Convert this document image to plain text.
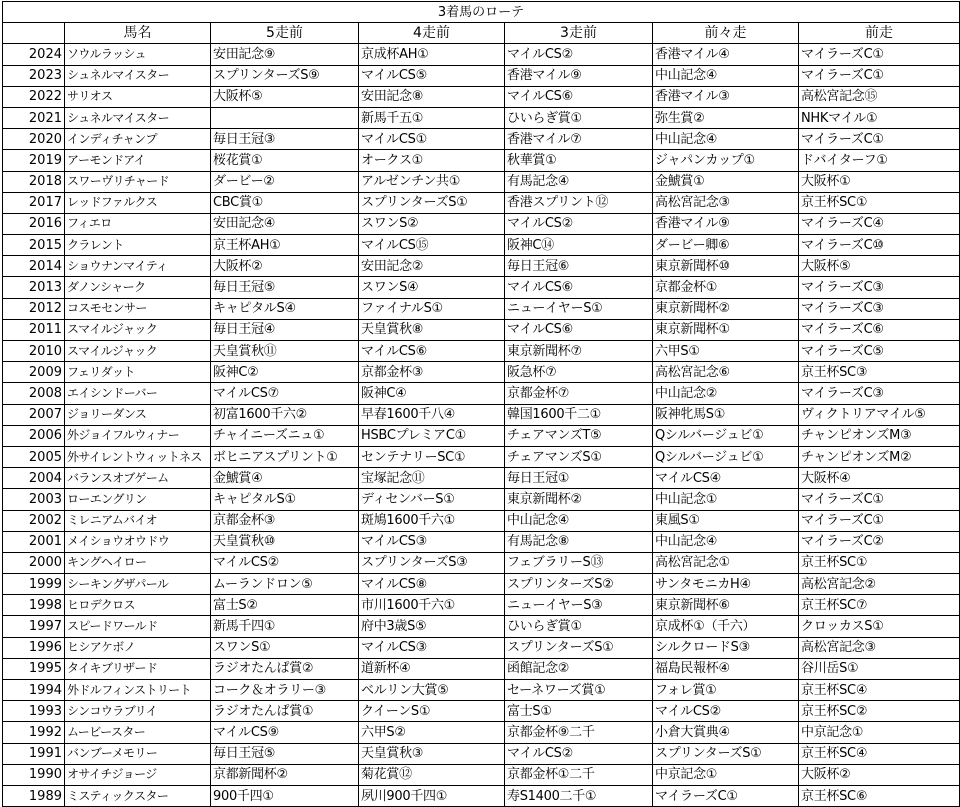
3着馬のローテ						
	馬名	5走前	4走前	3走前	前々走	前走
2024	ソウルラッシュ	安田記念⑨	京成杯AH①	マイルCS②	香港マイル④	マイラーズC①
2023	シュネルマイスター	スプリンターズS⑨	マイルCS⑤	香港マイル⑨	中山記念④	マイラーズC①
2022	サリオス	大阪杯⑤	安田記念⑧	マイルCS⑥	香港マイル③	高松宮記念⑮
2021	シュネルマイスター		新馬千五①	ひいらぎ賞①	弥生賞②	NHKマイル①
2020	インディチャンプ	毎日王冠③	マイルCS①	香港マイル⑦	中山記念④	マイラーズC①
2019	アーモンドアイ	桜花賞①	オークス①	秋華賞①	ジャパンカップ①	ドバイターフ①
2018	スワーヴリチャード	ダービー②	アルゼンチン共①	有馬記念④	金鯱賞①	大阪杯①
2017	レッドファルクス	CBC賞①	スプリンターズS①	香港スプリント⑫	高松宮記念③	京王杯SC①
2016	フィエロ	安田記念④	スワンS②	マイルCS②	香港マイル⑨	マイラーズC④
2015	クラレント	京王杯AH①	マイルCS⑮	阪神C⑭	ダービー卿⑥	マイラーズC⑩
2014	ショウナンマイティ	大阪杯②	安田記念②	毎日王冠⑥	東京新聞杯⑩	大阪杯⑤
2013	ダノンシャーク	毎日王冠⑤	スワンS④	マイルCS⑥	京都金杯①	マイラーズC③
2012	コスモセンサー	キャピタルS④	ファイナルS①	ニューイヤーS①	東京新聞杯②	マイラーズC③
2011	スマイルジャック	毎日王冠④	天皇賞秋⑧	マイルCS⑥	東京新聞杯①	マイラーズC⑥
2010	スマイルジャック	天皇賞秋⑪	マイルCS⑥	東京新聞杯⑦	六甲S①	マイラーズC⑤
2009	フェリダット	阪神C②	京都金杯③	阪急杯⑦	高松宮記念⑥	京王杯SC③
2008	エイシンドーバー	マイルCS⑦	阪神C④	京都金杯⑦	中山記念②	マイラーズC③
2007	ジョリーダンス	初富1600千六②	早春1600千八④	韓国1600千二①	阪神牝馬S①	ヴィクトリアマイル⑤
2006	外ジョイフルウィナー	チャイニーズニュ①	HSBCプレミアC①	チェアマンズT⑤	Qシルバージュビ①	チャンピオンズM③
2005	外サイレントウィットネス	ボヒニアスプリント①	センテナリーSC①	チェアマンズS①	Qシルバージュビ①	チャンピオンズM②
2004	バランスオブゲーム	金鯱賞④	宝塚記念⑪	毎日王冠①	マイルCS④	大阪杯④
2003	ローエングリン	キャピタルS①	ディセンバーS①	東京新聞杯②	中山記念①	マイラーズC①
2002	ミレニアムバイオ	京都金杯③	斑鳩1600千六①	中山記念④	東風S①	マイラーズC①
2001	メイショウオウドウ	天皇賞秋⑩	マイルCS③	有馬記念⑧	中山記念④	マイラーズC②
2000	キングヘイロー	マイルCS②	スプリンターズS③	フェブラリーS⑬	高松宮記念①	京王杯SC①
1999	シーキングザパール	ムーランドロン⑤	マイルCS⑧	スプリンターズS②	サンタモニカH④	高松宮記念②
1998	ヒロデクロス	富士S②	市川1600千六①	ニューイヤーS③	東京新聞杯⑥	京王杯SC⑦
1997	スピードワールド	新馬千四①	府中3歳S⑤	ひいらぎ賞①	京成杯①（千六）	クロッカスS①
1996	ヒシアケボノ	スワンS①	マイルCS③	スプリンターズS①	シルクロードS③	高松宮記念③
1995	タイキブリザード	ラジオたんぱ賞②	道新杯④	函館記念②	福島民報杯④	谷川岳S①
1994	外ドルフィンストリート	コーク＆オラリー③	ベルリン大賞⑤	セーネワーズ賞①	フォレ賞①	京王杯SC④
1993	シンコウラブリイ	ラジオたんぱ賞①	クイーンS①	富士S①	マイルCS②	京王杯SC②
1992	ムービースター	マイルCS⑨	六甲S②	京都金杯⑨二千	小倉大賞典④	中京記念①
1991	バンブーメモリー	毎日王冠⑤	天皇賞秋③	マイルCS②	スプリンターズS①	京王杯SC④
1990	オサイチジョージ	京都新聞杯②	菊花賞⑫	京都金杯①二千	中京記念①	大阪杯②
1989	ミスティックスター	900千四①	夙川900千四①	寿S1400二千①	マイラーズC①	京王杯SC⑥
